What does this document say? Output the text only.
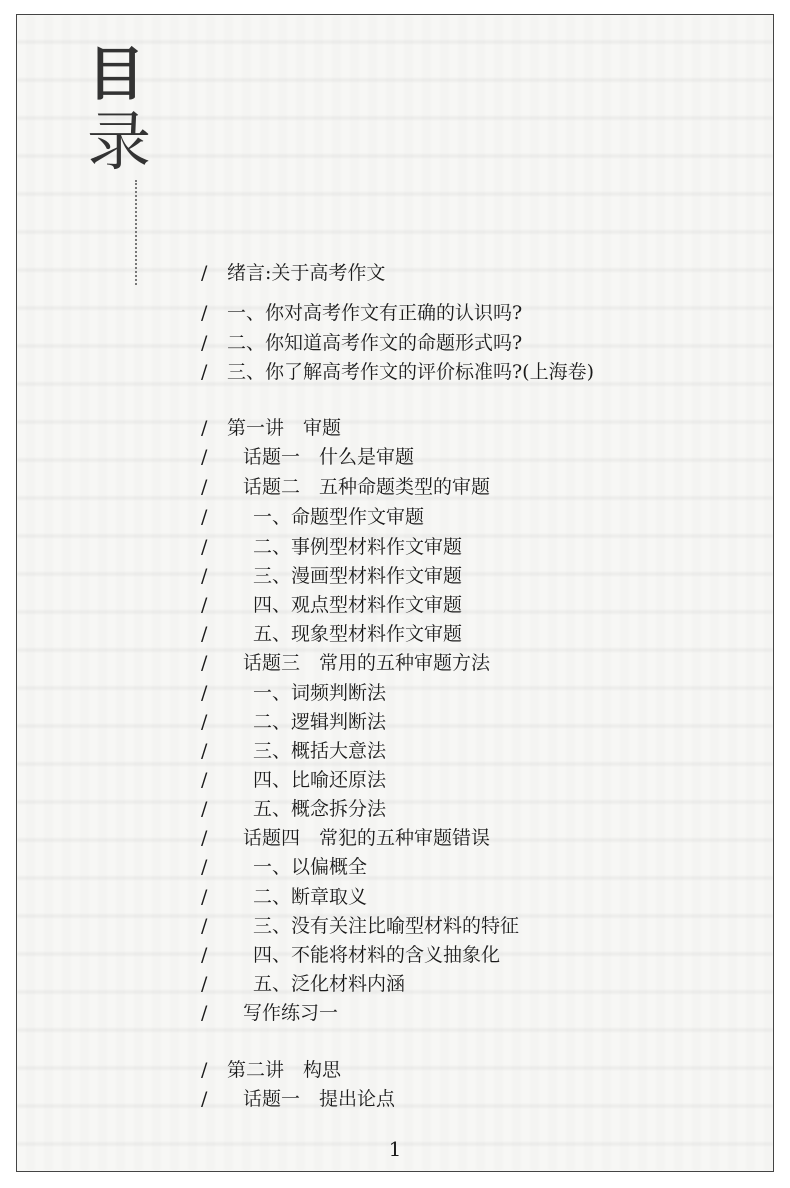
目
录
/ 绪言:关于高考作文
/ 一、你对高考作文有正确的认识吗?
/ 二、你知道高考作文的命题形式吗?
/ 三、你了解高考作文的评价标准吗?(上海卷)
/ 第一讲　审题
/ 话题一　什么是审题
/ 话题二　五种命题类型的审题
/ 一、命题型作文审题
/ 二、事例型材料作文审题
/ 三、漫画型材料作文审题
/ 四、观点型材料作文审题
/ 五、现象型材料作文审题
/ 话题三　常用的五种审题方法
/ 一、词频判断法
/ 二、逻辑判断法
/ 三、概括大意法
/ 四、比喻还原法
/ 五、概念拆分法
/ 话题四　常犯的五种审题错误
/ 一、以偏概全
/ 二、断章取义
/ 三、没有关注比喻型材料的特征
/ 四、不能将材料的含义抽象化
/ 五、泛化材料内涵
/ 写作练习一
/ 第二讲　构思
/ 话题一　提出论点
1
